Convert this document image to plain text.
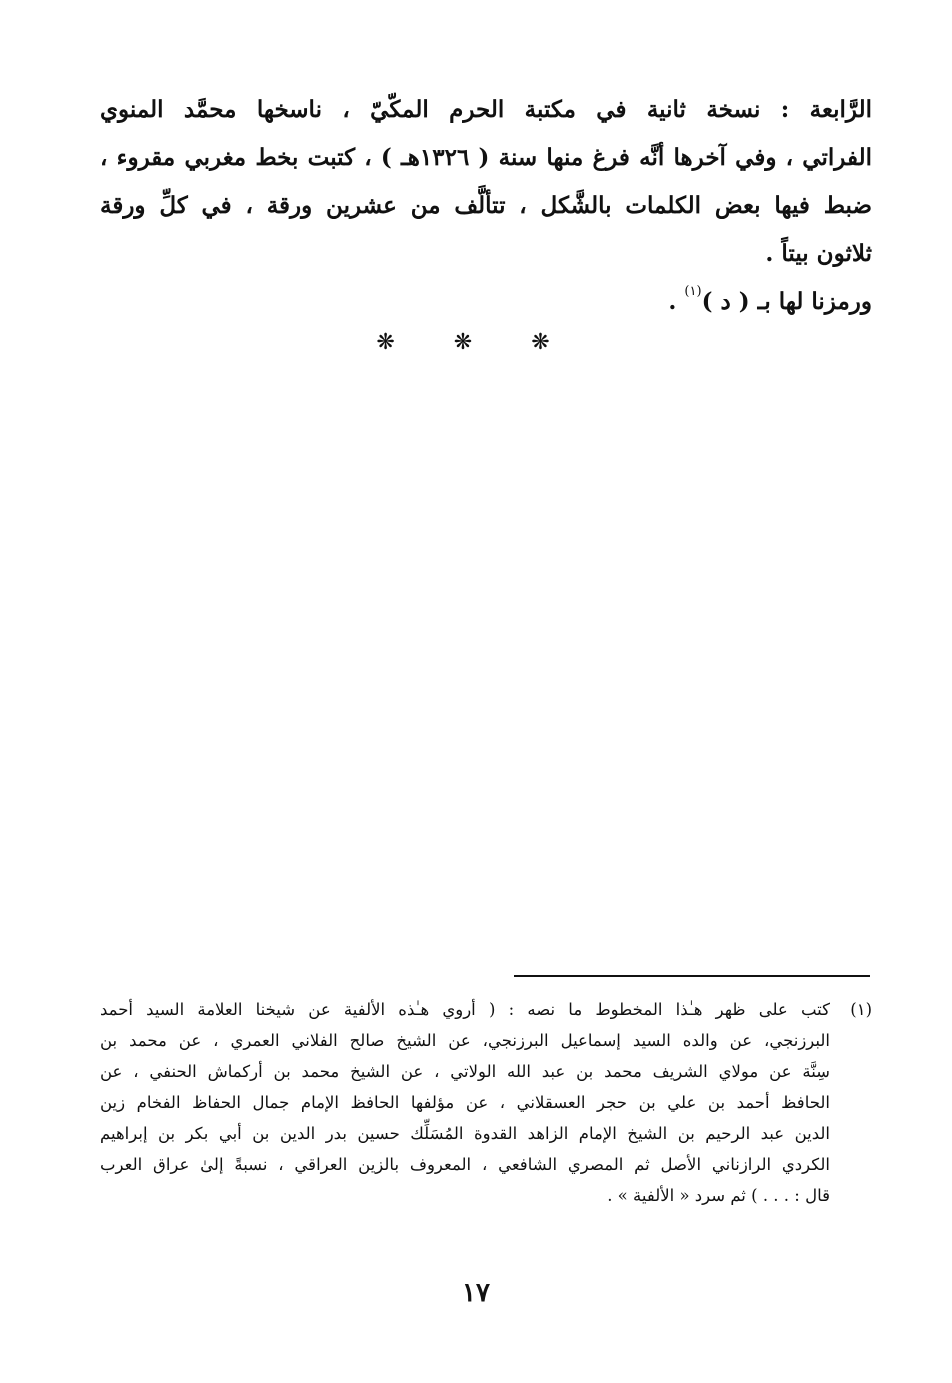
الرَّابعة : نسخة ثانية في مكتبة الحرم المكّيّ ، ناسخها محمَّد المنوي
الفراتي ، وفي آخرها أنَّه فرغ منها سنة ( ١٣٢٦هـ ) ، كتبت بخط مغربي مقروء ،
ضبط فيها بعض الكلمات بالشَّكل ، تتألَّف من عشرين ورقة ، في كلِّ ورقة
ثلاثون بيتاً .
ورمزنا لها بـ ( د )$^{(١)}$ .
❋ ❋ ❋
(١)
كتب على ظهر هـٰذا المخطوط ما نصه : ( أروي هـٰذه الألفية عن شيخنا العلامة السيد أحمد
البرزنجي، عن والده السيد إسماعيل البرزنجي، عن الشيخ صالح الفلاني العمري ، عن محمد بن
سِنَّة عن مولاي الشريف محمد بن عبد الله الولاتي ، عن الشيخ محمد بن أركماش الحنفي ، عن
الحافظ أحمد بن علي بن حجر العسقلاني ، عن مؤلفها الحافظ الإمام جمال الحفاظ الفخام زين
الدين عبد الرحيم بن الشيخ الإمام الزاهد القدوة المُسَلِّك حسين بدر الدين بن أبي بكر بن إبراهيم
الكردي الرازناني الأصل ثم المصري الشافعي ، المعروف بالزين العراقي ، نسبةً إلىٰ عراق العرب
قال : . . . ) ثم سرد « الألفية » .
١٧
